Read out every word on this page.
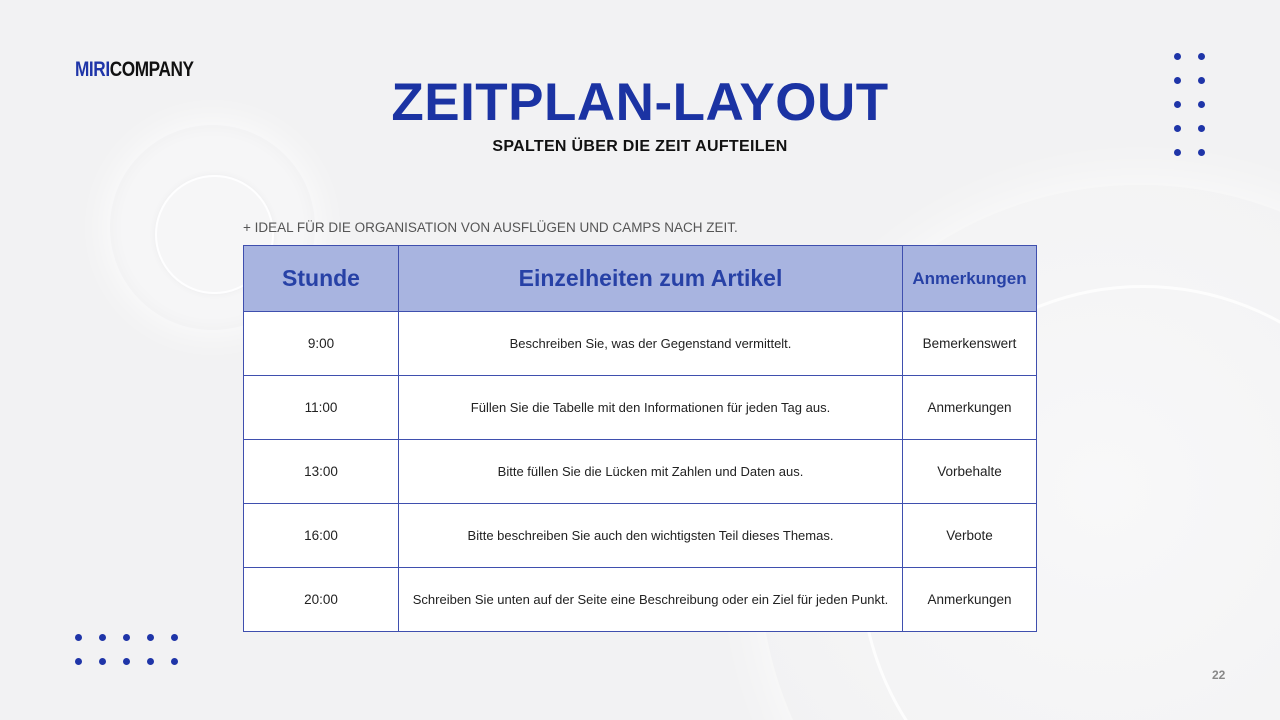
MIRICOMPANY
ZEITPLAN-LAYOUT
SPALTEN ÜBER DIE ZEIT AUFTEILEN
+ IDEAL FÜR DIE ORGANISATION VON AUSFLÜGEN UND CAMPS NACH ZEIT.
Stunde	Einzelheiten zum Artikel	Anmerkungen
9:00	Beschreiben Sie, was der Gegenstand vermittelt.	Bemerkenswert
11:00	Füllen Sie die Tabelle mit den Informationen für jeden Tag aus.	Anmerkungen
13:00	Bitte füllen Sie die Lücken mit Zahlen und Daten aus.	Vorbehalte
16:00	Bitte beschreiben Sie auch den wichtigsten Teil dieses Themas.	Verbote
20:00	Schreiben Sie unten auf der Seite eine Beschreibung oder ein Ziel für jeden Punkt.	Anmerkungen
22
